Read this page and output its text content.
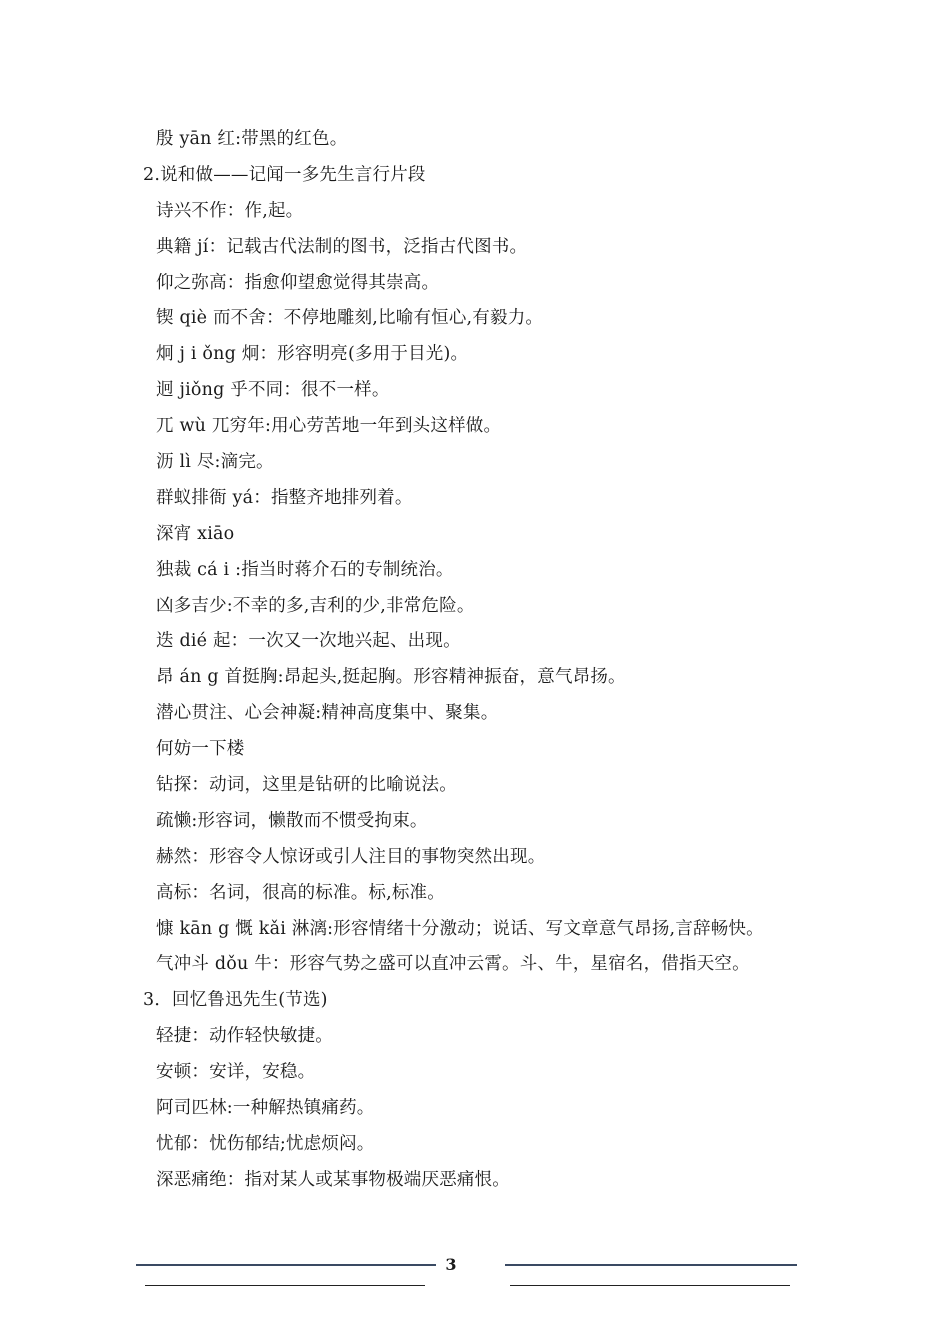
殷 yān 红:带黑的红色。
2.说和做——记闻一多先生言行片段
诗兴不作：作,起。
典籍 jí：记载古代法制的图书，泛指古代图书。
仰之弥高：指愈仰望愈觉得其崇高。
锲 qiè 而不舍：不停地雕刻,比喻有恒心,有毅力。
炯 j i ǒng 炯：形容明亮(多用于目光)。
迥 jiǒng 乎不同：很不一样。
兀 wù 兀穷年:用心劳苦地一年到头这样做。
沥 lì 尽:滴完。
群蚁排衙 yá：指整齐地排列着。
深宵 xiāo
独裁 cá i :指当时蒋介石的专制统治。
凶多吉少:不幸的多,吉利的少,非常危险。
迭 dié 起：一次又一次地兴起、出现。
昂 án g 首挺胸:昂起头,挺起胸。形容精神振奋，意气昂扬。
潜心贯注、心会神凝:精神高度集中、聚集。
何妨一下楼
钻探：动词，这里是钻研的比喻说法。
疏懒:形容词，懒散而不惯受拘束。
赫然：形容令人惊讶或引人注目的事物突然出现。
高标：名词，很高的标准。标,标准。
慷 kān g 慨 kǎi 淋漓:形容情绪十分激动；说话、写文章意气昂扬,言辞畅快。
气冲斗 dǒu 牛：形容气势之盛可以直冲云霄。斗、牛，星宿名，借指天空。
3．回忆鲁迅先生(节选)
轻捷：动作轻快敏捷。
安顿：安详，安稳。
阿司匹林:一种解热镇痛药。
忧郁：忧伤郁结;忧虑烦闷。
深恶痛绝：指对某人或某事物极端厌恶痛恨。
3
